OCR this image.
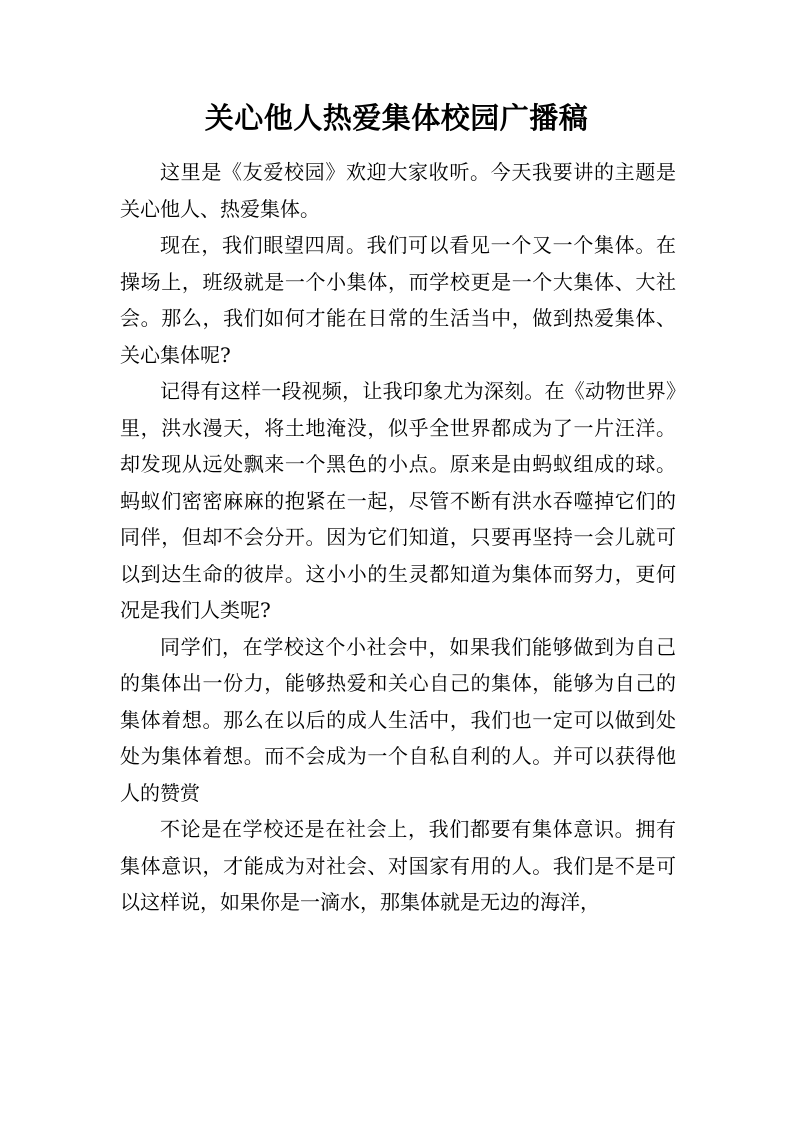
关心他人热爱集体校园广播稿

这里是《友爱校园》欢迎大家收听。今天我要讲的主题是关心他人、热爱集体。

现在，我们眼望四周。我们可以看见一个又一个集体。在操场上，班级就是一个小集体，而学校更是一个大集体、大社会。那么，我们如何才能在日常的生活当中，做到热爱集体、关心集体呢?

记得有这样一段视频，让我印象尤为深刻。在《动物世界》里，洪水漫天，将土地淹没，似乎全世界都成为了一片汪洋。却发现从远处飘来一个黑色的小点。原来是由蚂蚁组成的球。蚂蚁们密密麻麻的抱紧在一起，尽管不断有洪水吞噬掉它们的同伴，但却不会分开。因为它们知道，只要再坚持一会儿就可以到达生命的彼岸。这小小的生灵都知道为集体而努力，更何况是我们人类呢?

同学们，在学校这个小社会中，如果我们能够做到为自己的集体出一份力，能够热爱和关心自己的集体，能够为自己的集体着想。那么在以后的成人生活中，我们也一定可以做到处处为集体着想。而不会成为一个自私自利的人。并可以获得他人的赞赏

不论是在学校还是在社会上，我们都要有集体意识。拥有集体意识，才能成为对社会、对国家有用的人。我们是不是可以这样说，如果你是一滴水，那集体就是无边的海洋，
